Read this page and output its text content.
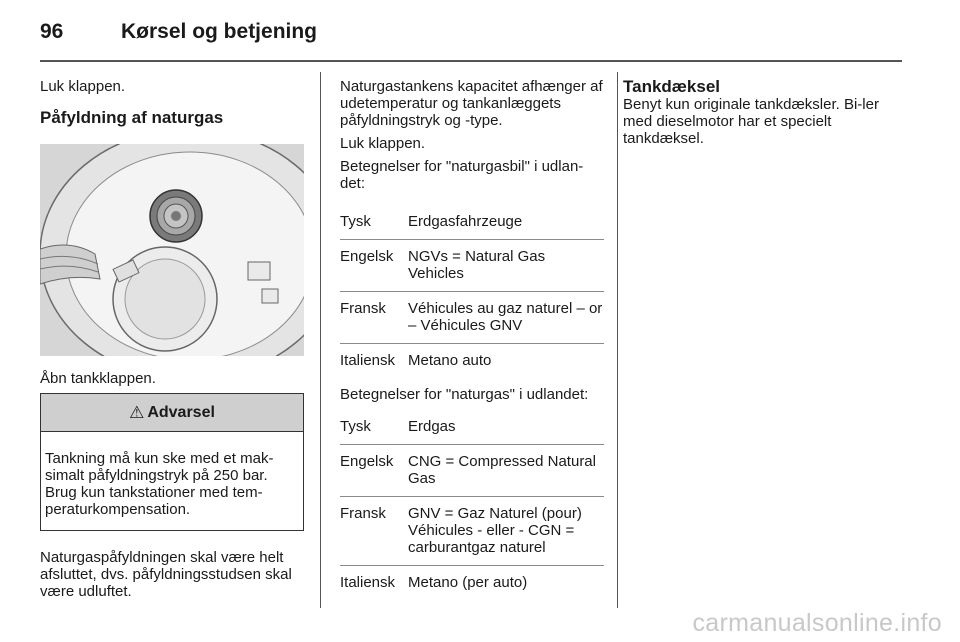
96	Kørsel og betjening
Luk klappen.
Påfyldning af naturgas
Åbn tankklappen.
⚠ Advarsel
Tankning må kun ske med et mak-simalt påfyldningstryk på 250 bar. Brug kun tankstationer med tem-peraturkompensation.
Naturgaspåfyldningen skal være helt afsluttet, dvs. påfyldningsstudsen skal være udluftet.
Naturgastankens kapacitet afhænger af udetemperatur og tankanlæggets påfyldningstryk og -type.
Luk klappen.
Betegnelser for "naturgasbil" i udlan-det:
Tysk	Erdgasfahrzeuge
Engelsk NGVs = Natural Gas Vehicles
Fransk	Véhicules au gaz naturel – or – Véhicules GNV
Italiensk Metano auto
Betegnelser for "naturgas" i udlandet:
Tysk	Erdgas
Engelsk CNG = Compressed Natural Gas
Fransk	GNV = Gaz Naturel (pour) Véhicules - eller - CGN = carburantgaz naturel
Italiensk Metano (per auto)
Tankdæksel
Benyt kun originale tankdæksler. Bi-ler med dieselmotor har et specielt tankdæksel.
carmanualsonline.info
